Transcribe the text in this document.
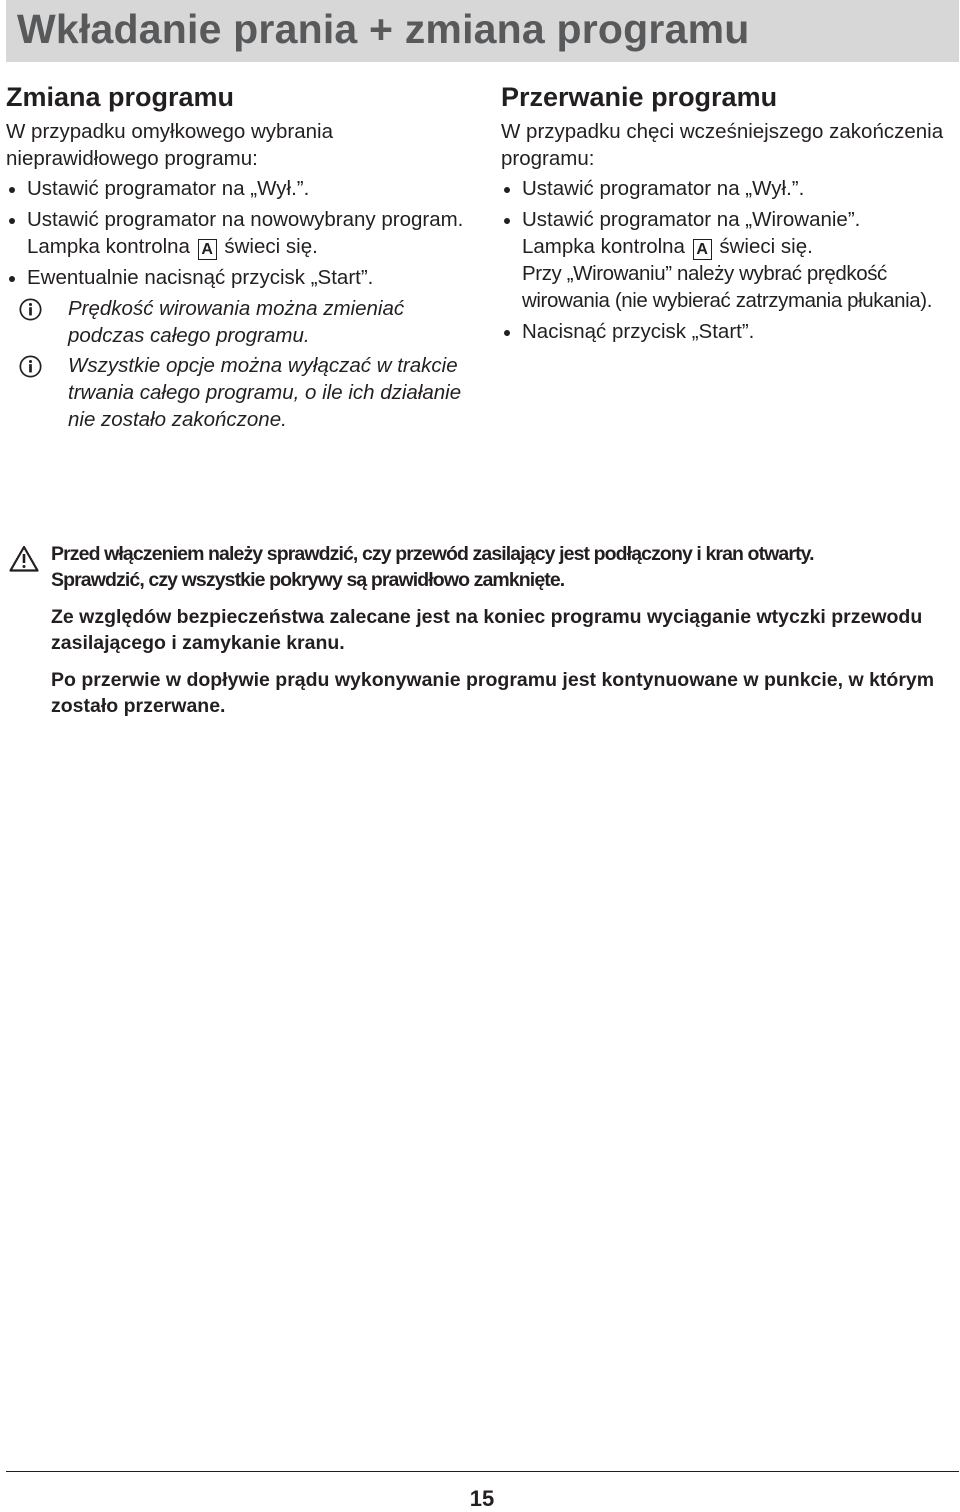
Wkładanie prania + zmiana programu
Zmiana programu

W przypadku omyłkowego wybrania nieprawidłowego programu:

Ustawić programator na „Wył.”.
Ustawić programator na nowowybrany program.
Lampka kontrolna A świeci się.
Ewentualnie nacisnąć przycisk „Start”.

Prędkość wirowania można zmieniać podczas całego programu.

Wszystkie opcje można wyłączać w trakcie trwania całego programu, o ile ich działanie nie zostało zakończone.

Przerwanie programu

W przypadku chęci wcześniejszego zakończenia programu:

Ustawić programator na „Wył.”.
Ustawić programator na „Wirowanie”.
Lampka kontrolna A świeci się.
Przy „Wirowaniu” należy wybrać prędkość wirowania (nie wybierać zatrzymania płukania).
Nacisnąć przycisk „Start”.

Przed włączeniem należy sprawdzić, czy przewód zasilający jest podłączony i kran otwarty.

Sprawdzić, czy wszystkie pokrywy są prawidłowo zamknięte.

Ze względów bezpieczeństwa zalecane jest na koniec programu wyciąganie wtyczki przewodu zasilającego i zamykanie kranu.

Po przerwie w dopływie prądu wykonywanie programu jest kontynuowane w punkcie, w którym zostało przerwane.

15
